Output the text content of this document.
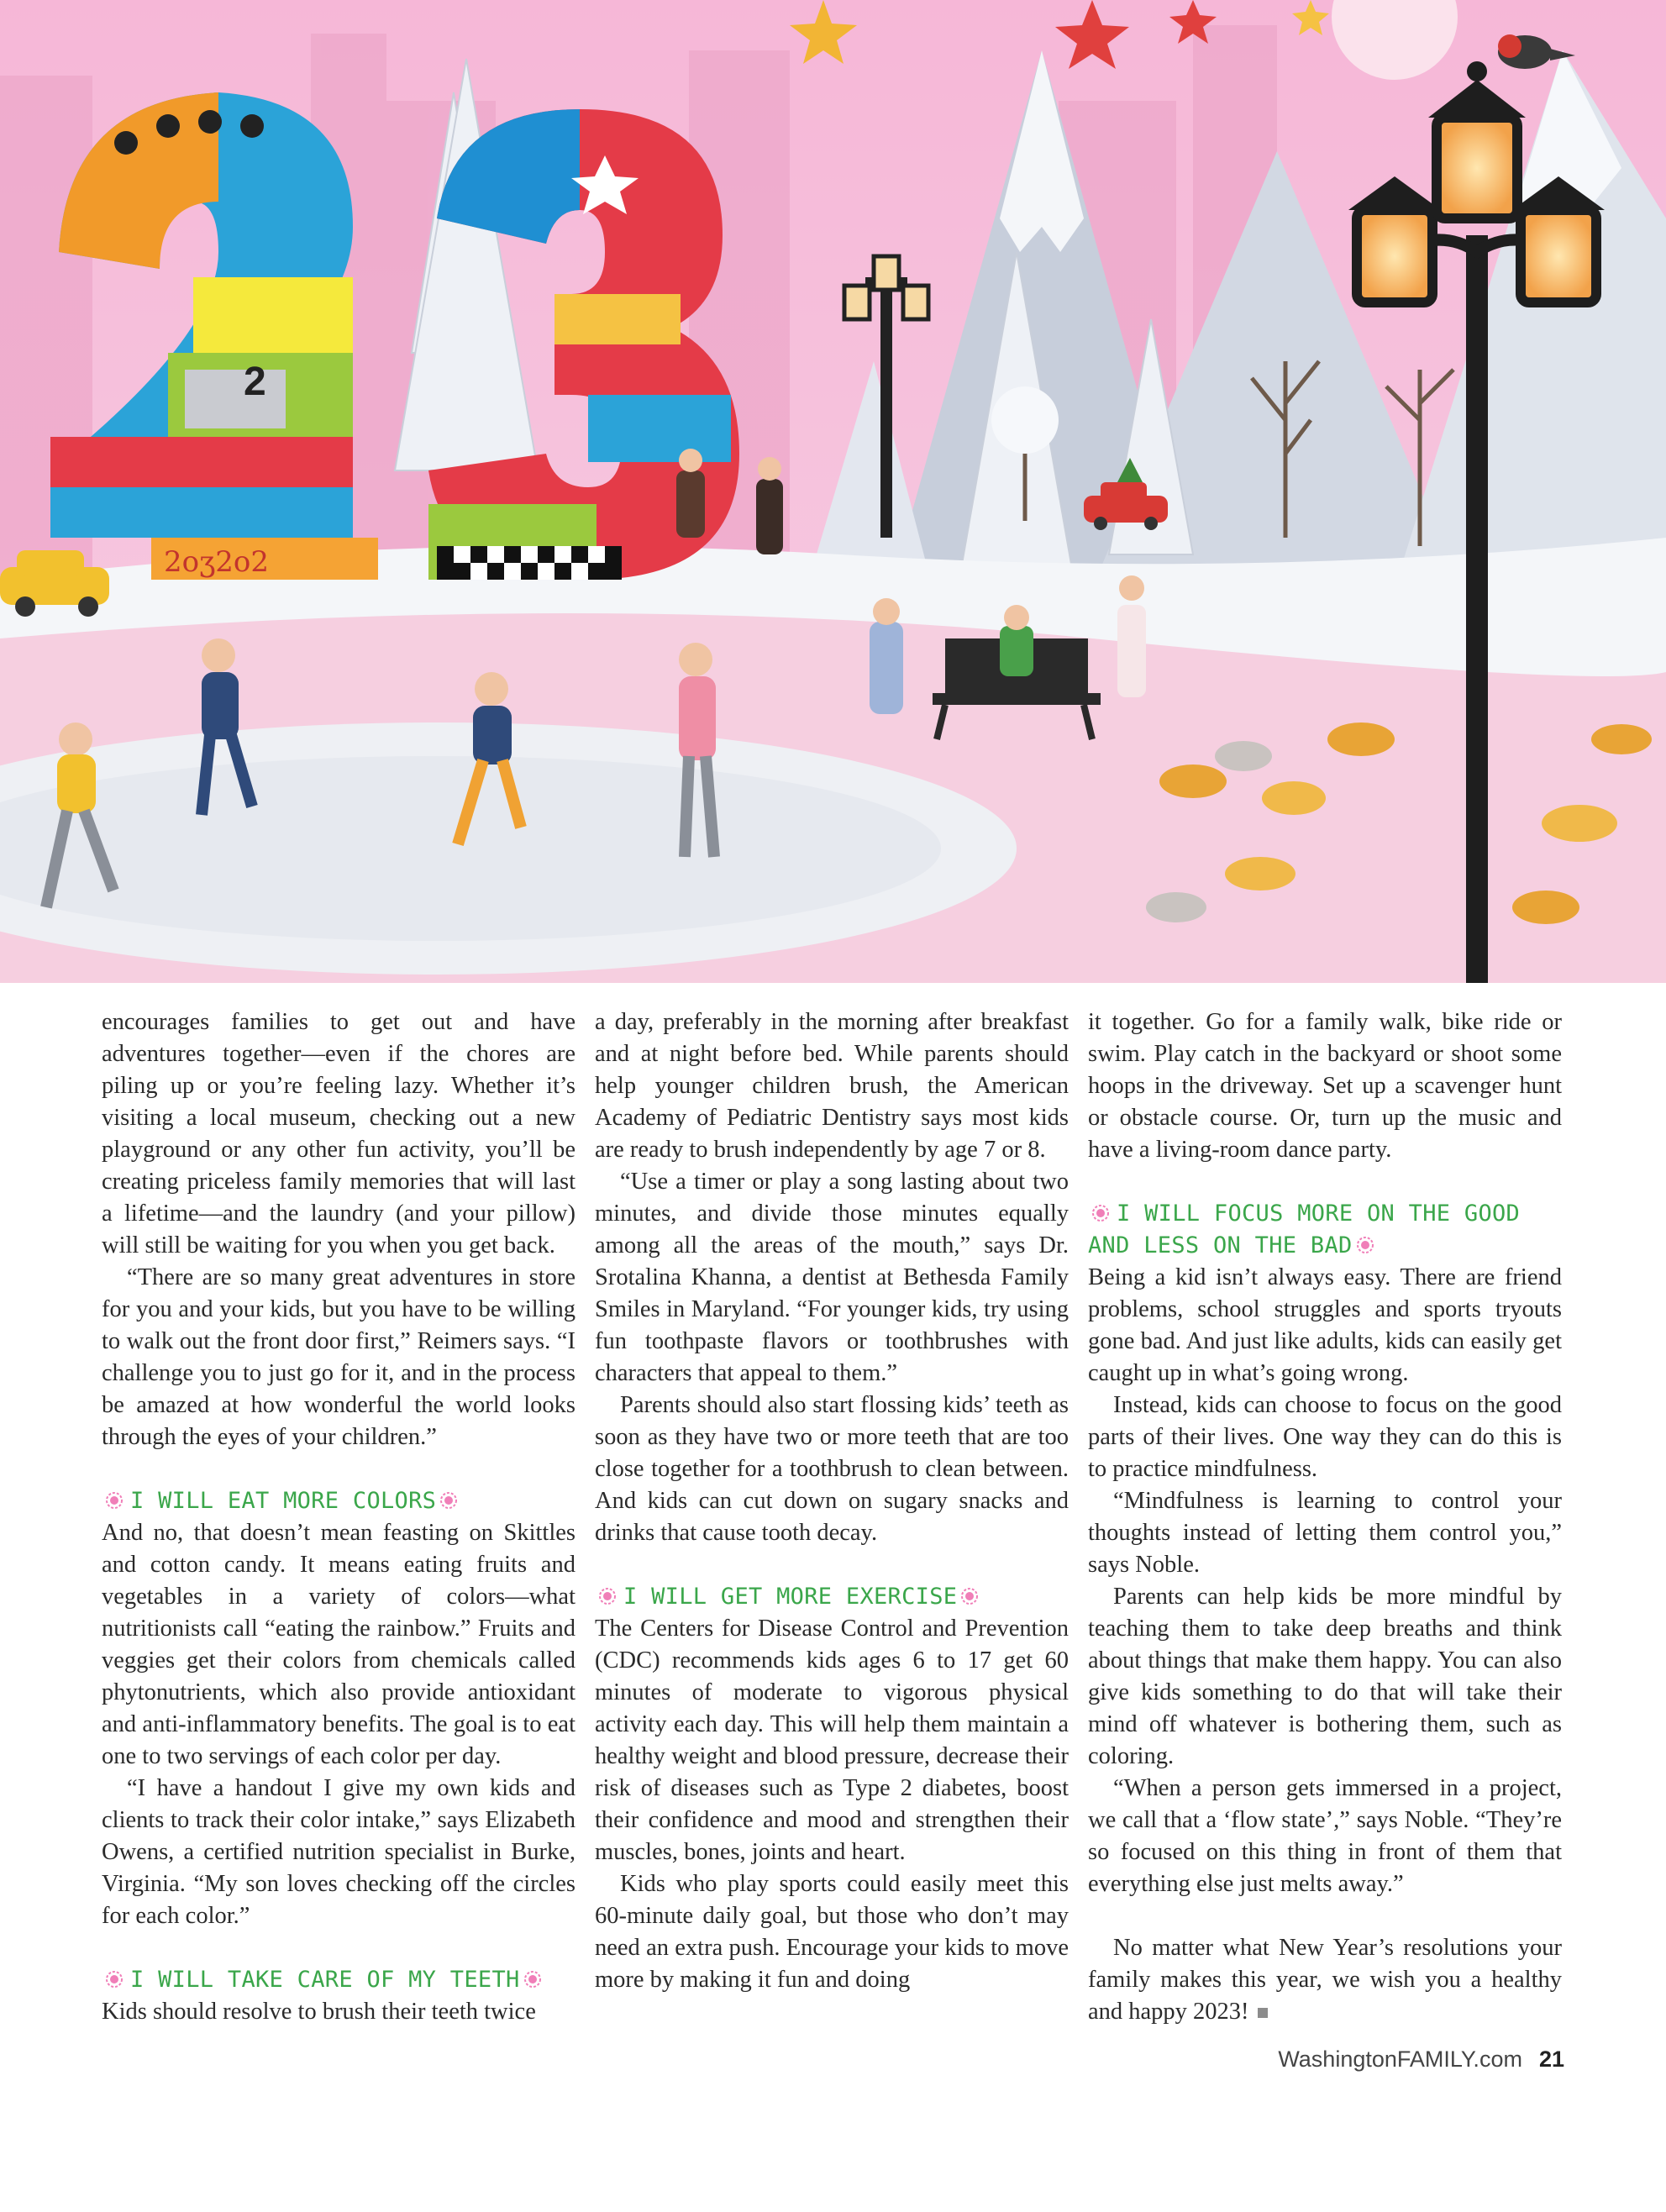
2
2oʒ2o2

encourages families to get out and have adventures together—even if the chores are piling up or you’re feeling lazy. Whether it’s visiting a local museum, checking out a new playground or any other fun activity, you’ll be creating priceless family memories that will last a lifetime—and the laundry (and your pillow) will still be waiting for you when you get back.

“There are so many great adventures in store for you and your kids, but you have to be willing to walk out the front door first,” Reimers says. “I challenge you to just go for it, and in the process be amazed at how wonderful the world looks through the eyes of your children.”

I WILL EAT MORE COLORS

And no, that doesn’t mean feasting on Skittles and cotton candy. It means eating fruits and vegetables in a variety of colors—what nutritionists call “eating the rainbow.” Fruits and veggies get their colors from chemicals called phytonutrients, which also provide antioxidant and anti-inflammatory benefits. The goal is to eat one to two servings of each color per day.

“I have a handout I give my own kids and clients to track their color intake,” says Elizabeth Owens, a certified nutrition specialist in Burke, Virginia. “My son loves checking off the circles for each color.”

I WILL TAKE CARE OF MY TEETH

Kids should resolve to brush their teeth twice

a day, preferably in the morning after breakfast and at night before bed. While parents should help younger children brush, the American Academy of Pediatric Dentistry says most kids are ready to brush independently by age 7 or 8.

“Use a timer or play a song lasting about two minutes, and divide those minutes equally among all the areas of the mouth,” says Dr. Srotalina Khanna, a dentist at Bethesda Family Smiles in Maryland. “For younger kids, try using fun toothpaste flavors or toothbrushes with characters that appeal to them.”

Parents should also start flossing kids’ teeth as soon as they have two or more teeth that are too close together for a toothbrush to clean between. And kids can cut down on sugary snacks and drinks that cause tooth decay.

I WILL GET MORE EXERCISE

The Centers for Disease Control and Prevention (CDC) recommends kids ages 6 to 17 get 60 minutes of moderate to vigorous physical activity each day. This will help them maintain a healthy weight and blood pressure, decrease their risk of diseases such as Type 2 diabetes, boost their confidence and mood and strengthen their muscles, bones, joints and heart.

Kids who play sports could easily meet this 60-minute daily goal, but those who don’t may need an extra push. Encourage your kids to move more by making it fun and doing

it together. Go for a family walk, bike ride or swim. Play catch in the backyard or shoot some hoops in the driveway. Set up a scavenger hunt or obstacle course. Or, turn up the music and have a living-room dance party.

I WILL FOCUS MORE ON THE GOOD AND LESS ON THE BAD

Being a kid isn’t always easy. There are friend problems, school struggles and sports tryouts gone bad. And just like adults, kids can easily get caught up in what’s going wrong.

Instead, kids can choose to focus on the good parts of their lives. One way they can do this is to practice mindfulness.

“Mindfulness is learning to control your thoughts instead of letting them control you,” says Noble.

Parents can help kids be more mindful by teaching them to take deep breaths and think about things that make them happy. You can also give kids something to do that will take their mind off whatever is bothering them, such as coloring.

“When a person gets immersed in a project, we call that a ‘flow state’,” says Noble. “They’re so focused on this thing in front of them that everything else just melts away.”

No matter what New Year’s resolutions your family makes this year, we wish you a healthy and happy 2023!

WashingtonFAMILY.com 21
